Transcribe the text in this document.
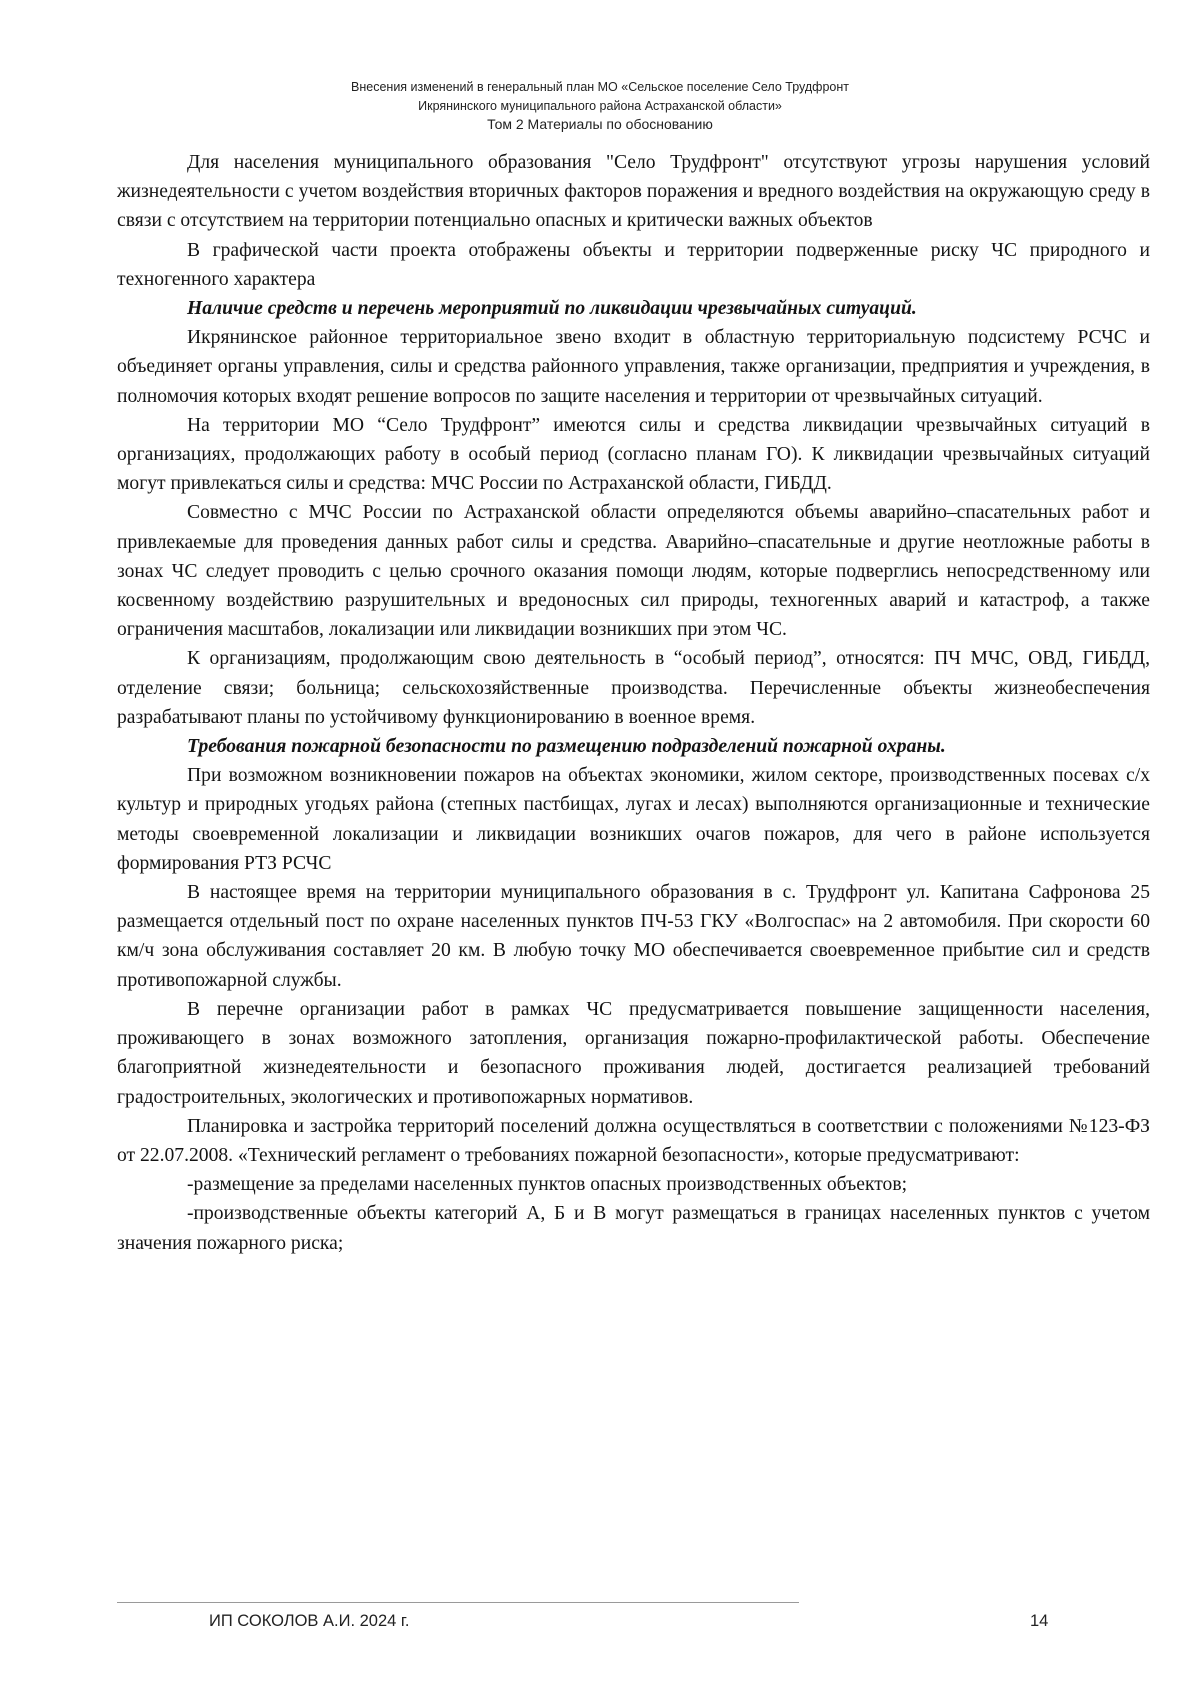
Внесения изменений в генеральный план МО «Сельское поселение Село Трудфронт
Икрянинского муниципального района Астраханской области»
Том 2 Материалы по обоснованию

Для населения муниципального образования "Село Трудфронт" отсутствуют угрозы нарушения условий жизнедеятельности с учетом воздействия вторичных факторов поражения и вредного воздействия на окружающую среду в связи с отсутствием на территории потенциально опасных и критически важных объектов

В графической части проекта отображены объекты и территории подверженные риску ЧС природного и техногенного характера

Наличие средств и перечень мероприятий по ликвидации чрезвычайных ситуаций.

Икрянинское районное территориальное звено входит в областную территориальную подсистему РСЧС и объединяет органы управления, силы и средства районного управления, также организации, предприятия и учреждения, в полномочия которых входят решение вопросов по защите населения и территории от чрезвычайных ситуаций.

На территории МО “Село Трудфронт” имеются силы и средства ликвидации чрезвычайных ситуаций в организациях, продолжающих работу в особый период (согласно планам ГО). К ликвидации чрезвычайных ситуаций могут привлекаться силы и средства: МЧС России по Астраханской области, ГИБДД.

Совместно с МЧС России по Астраханской области определяются объемы аварийно–спасательных работ и привлекаемые для проведения данных работ силы и средства. Аварийно–спасательные и другие неотложные работы в зонах ЧС следует проводить с целью срочного оказания помощи людям, которые подверглись непосредственному или косвенному воздействию разрушительных и вредоносных сил природы, техногенных аварий и катастроф, а также ограничения масштабов, локализации или ликвидации возникших при этом ЧС.

К организациям, продолжающим свою деятельность в “особый период”, относятся: ПЧ МЧС, ОВД, ГИБДД, отделение связи; больница; сельскохозяйственные производства. Перечисленные объекты жизнеобеспечения разрабатывают планы по устойчивому функционированию в военное время.

Требования пожарной безопасности по размещению подразделений пожарной охраны.

При возможном возникновении пожаров на объектах экономики, жилом секторе, производственных посевах с/х культур и природных угодьях района (степных пастбищах, лугах и лесах) выполняются организационные и технические методы своевременной локализации и ликвидации возникших очагов пожаров, для чего в районе используется формирования РТЗ РСЧС

В настоящее время на территории муниципального образования в с. Трудфронт ул. Капитана Сафронова 25 размещается отдельный пост по охране населенных пунктов ПЧ-53 ГКУ «Волгоспас» на 2 автомобиля. При скорости 60 км/ч зона обслуживания составляет 20 км. В любую точку МО обеспечивается своевременное прибытие сил и средств противопожарной службы.

В перечне организации работ в рамках ЧС предусматривается повышение защищенности населения, проживающего в зонах возможного затопления, организация пожарно-профилактической работы. Обеспечение благоприятной жизнедеятельности и безопасного проживания людей, достигается реализацией требований градостроительных, экологических и противопожарных нормативов.

Планировка и застройка территорий поселений должна осуществляться в соответствии с положениями №123-ФЗ от 22.07.2008. «Технический регламент о требованиях пожарной безопасности», которые предусматривают:

-размещение за пределами населенных пунктов опасных производственных объектов;

-производственные объекты категорий А, Б и В могут размещаться в границах населенных пунктов с учетом значения пожарного риска;

ИП СОКОЛОВ А.И. 2024 г.	14
